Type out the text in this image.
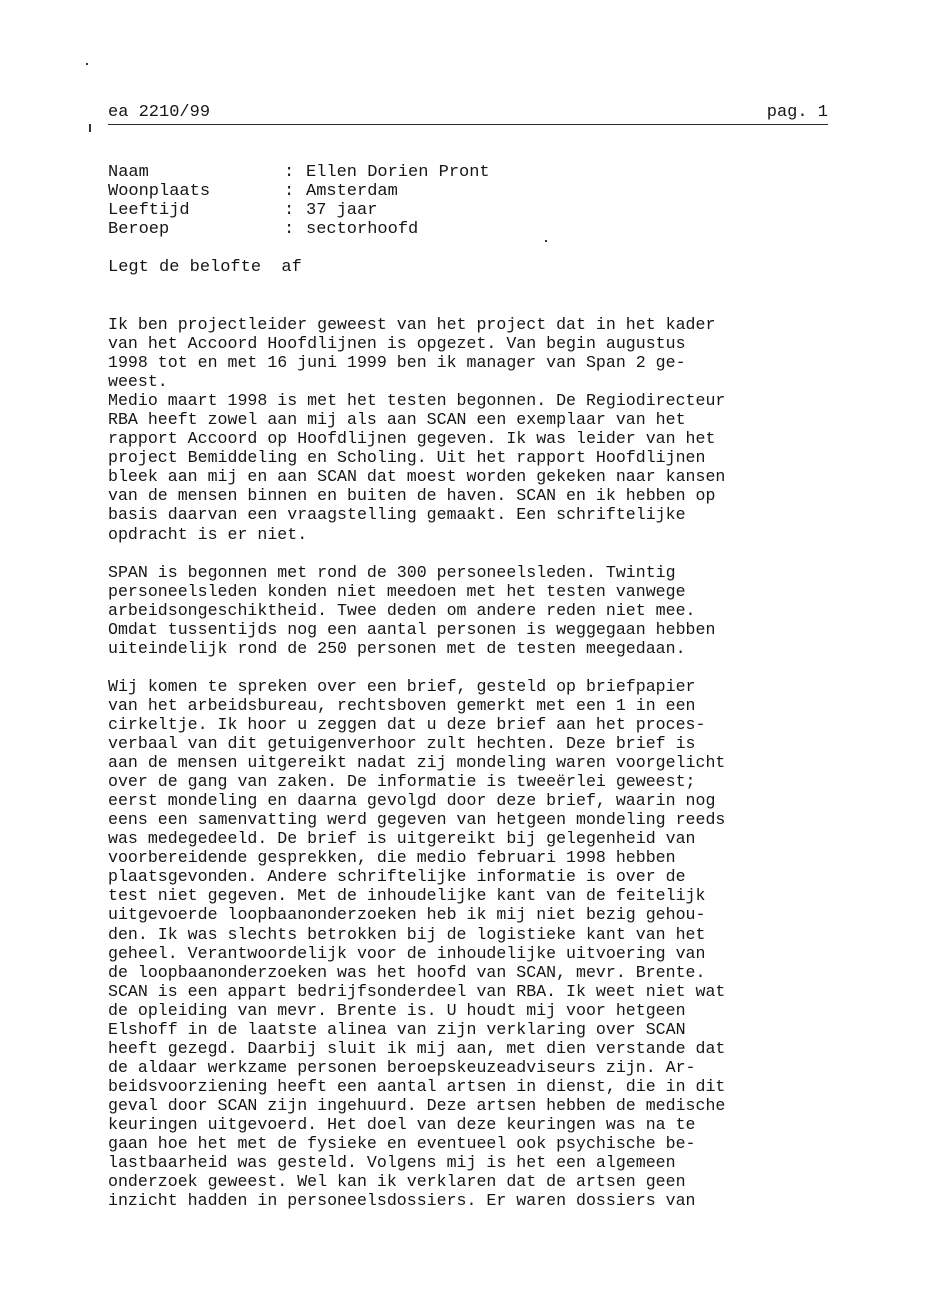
ea 2210/99	pag. 1
Naam	: Ellen Dorien Pront
Woonplaats	: Amsterdam
Leeftijd	: 37 jaar
Beroep	: sectorhoofd
Legt de belofte  af
Ik ben projectleider geweest van het project dat in het kader
van het Accoord Hoofdlijnen is opgezet. Van begin augustus
1998 tot en met 16 juni 1999 ben ik manager van Span 2 ge-
weest.
Medio maart 1998 is met het testen begonnen. De Regiodirecteur
RBA heeft zowel aan mij als aan SCAN een exemplaar van het
rapport Accoord op Hoofdlijnen gegeven. Ik was leider van het
project Bemiddeling en Scholing. Uit het rapport Hoofdlijnen
bleek aan mij en aan SCAN dat moest worden gekeken naar kansen
van de mensen binnen en buiten de haven. SCAN en ik hebben op
basis daarvan een vraagstelling gemaakt. Een schriftelijke
opdracht is er niet.
SPAN is begonnen met rond de 300 personeelsleden. Twintig
personeelsleden konden niet meedoen met het testen vanwege
arbeidsongeschiktheid. Twee deden om andere reden niet mee.
Omdat tussentijds nog een aantal personen is weggegaan hebben
uiteindelijk rond de 250 personen met de testen meegedaan.
Wij komen te spreken over een brief, gesteld op briefpapier
van het arbeidsbureau, rechtsboven gemerkt met een 1 in een
cirkeltje. Ik hoor u zeggen dat u deze brief aan het proces-
verbaal van dit getuigenverhoor zult hechten. Deze brief is
aan de mensen uitgereikt nadat zij mondeling waren voorgelicht
over de gang van zaken. De informatie is tweeërlei geweest;
eerst mondeling en daarna gevolgd door deze brief, waarin nog
eens een samenvatting werd gegeven van hetgeen mondeling reeds
was medegedeeld. De brief is uitgereikt bij gelegenheid van
voorbereidende gesprekken, die medio februari 1998 hebben
plaatsgevonden. Andere schriftelijke informatie is over de
test niet gegeven. Met de inhoudelijke kant van de feitelijk
uitgevoerde loopbaanonderzoeken heb ik mij niet bezig gehou-
den. Ik was slechts betrokken bij de logistieke kant van het
geheel. Verantwoordelijk voor de inhoudelijke uitvoering van
de loopbaanonderzoeken was het hoofd van SCAN, mevr. Brente.
SCAN is een appart bedrijfsonderdeel van RBA. Ik weet niet wat
de opleiding van mevr. Brente is. U houdt mij voor hetgeen
Elshoff in de laatste alinea van zijn verklaring over SCAN
heeft gezegd. Daarbij sluit ik mij aan, met dien verstande dat
de aldaar werkzame personen beroepskeuzeadviseurs zijn. Ar-
beidsvoorziening heeft een aantal artsen in dienst, die in dit
geval door SCAN zijn ingehuurd. Deze artsen hebben de medische
keuringen uitgevoerd. Het doel van deze keuringen was na te
gaan hoe het met de fysieke en eventueel ook psychische be-
lastbaarheid was gesteld. Volgens mij is het een algemeen
onderzoek geweest. Wel kan ik verklaren dat de artsen geen
inzicht hadden in personeelsdossiers. Er waren dossiers van
